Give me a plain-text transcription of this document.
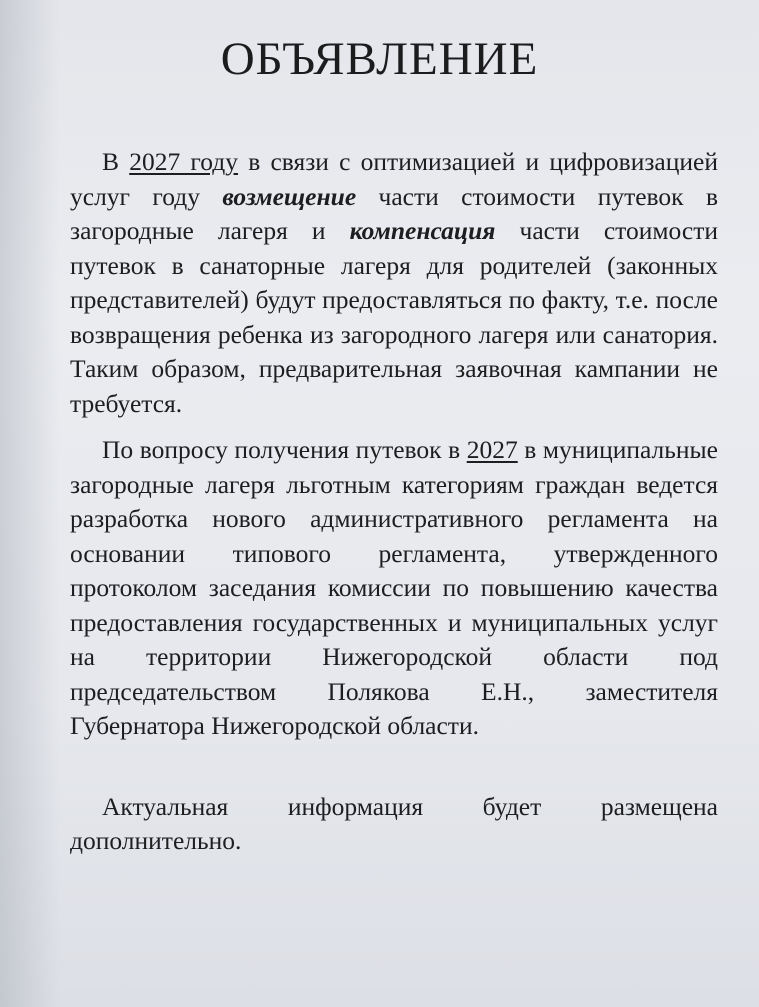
ОБЪЯВЛЕНИЕ

В 2027 году в связи с оптимизацией и цифровизацией услуг году возмещение части стоимости путевок в загородные лагеря и компенсация части стоимости путевок в санаторные лагеря для родителей (законных представителей) будут предоставляться по факту, т.е. после возвращения ребенка из загородного лагеря или санатория. Таким образом, предварительная заявочная кампании не требуется.

По вопросу получения путевок в 2027 в муниципальные загородные лагеря льготным категориям граждан ведется разработка нового административного регламента на основании типового регламента, утвержденного протоколом заседания комиссии по повышению качества предоставления государственных и муниципальных услуг на территории Нижегородской области под председательством Полякова Е.Н., заместителя Губернатора Нижегородской области.

Актуальная информация будет размещена дополнительно.
